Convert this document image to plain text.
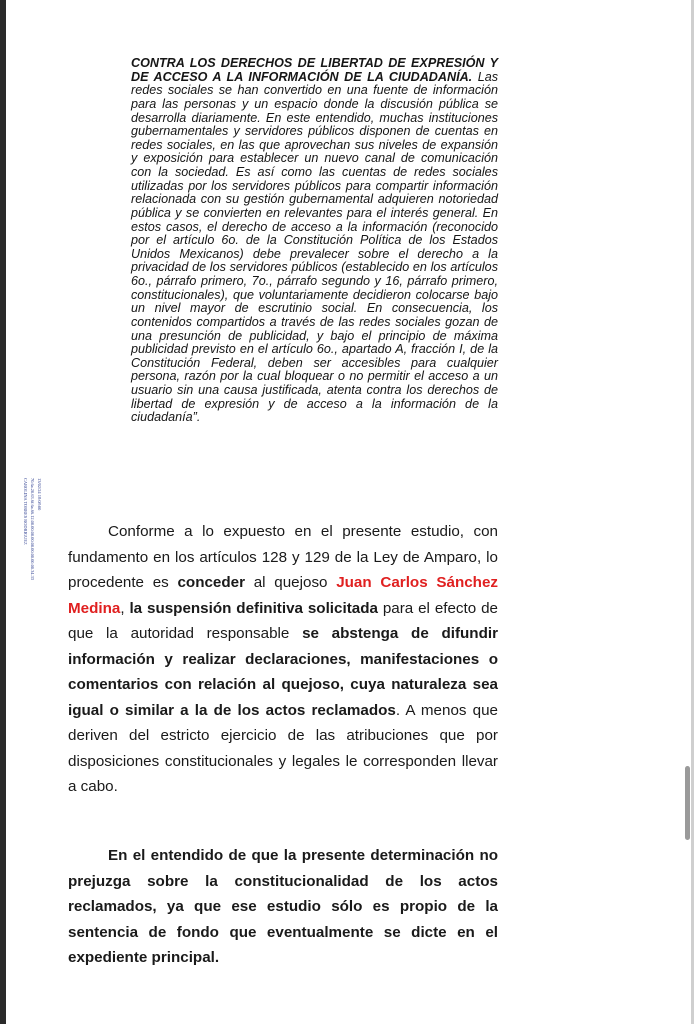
CAROLINA TORRES RODRIGUEZ 70.6a.20.63.6f.6a.66.12.00.00.00.00.00.00.00.00.00.34.33 13/02/24 18:08:00
CONTRA LOS DERECHOS DE LIBERTAD DE EXPRESIÓN Y DE ACCESO A LA INFORMACIÓN DE LA CIUDADANÍA. Las redes sociales se han convertido en una fuente de información para las personas y un espacio donde la discusión pública se desarrolla diariamente. En este entendido, muchas instituciones gubernamentales y servidores públicos disponen de cuentas en redes sociales, en las que aprovechan sus niveles de expansión y exposición para establecer un nuevo canal de comunicación con la sociedad. Es así como las cuentas de redes sociales utilizadas por los servidores públicos para compartir información relacionada con su gestión gubernamental adquieren notoriedad pública y se convierten en relevantes para el interés general. En estos casos, el derecho de acceso a la información (reconocido por el artículo 6o. de la Constitución Política de los Estados Unidos Mexicanos) debe prevalecer sobre el derecho a la privacidad de los servidores públicos (establecido en los artículos 6o., párrafo primero, 7o., párrafo segundo y 16, párrafo primero, constitucionales), que voluntariamente decidieron colocarse bajo un nivel mayor de escrutinio social. En consecuencia, los contenidos compartidos a través de las redes sociales gozan de una presunción de publicidad, y bajo el principio de máxima publicidad previsto en el artículo 6o., apartado A, fracción I, de la Constitución Federal, deben ser accesibles para cualquier persona, razón por la cual bloquear o no permitir el acceso a un usuario sin una causa justificada, atenta contra los derechos de libertad de expresión y de acceso a la información de la ciudadanía”.
Conforme a lo expuesto en el presente estudio, con fundamento en los artículos 128 y 129 de la Ley de Amparo, lo procedente es conceder al quejoso Juan Carlos Sánchez Medina, la suspensión definitiva solicitada para el efecto de que la autoridad responsable se abstenga de difundir información y realizar declaraciones, manifestaciones o comentarios con relación al quejoso, cuya naturaleza sea igual o similar a la de los actos reclamados. A menos que deriven del estricto ejercicio de las atribuciones que por disposiciones constitucionales y legales le corresponden llevar a cabo.
En el entendido de que la presente determinación no prejuzga sobre la constitucionalidad de los actos reclamados, ya que ese estudio sólo es propio de la sentencia de fondo que eventualmente se dicte en el expediente principal.
